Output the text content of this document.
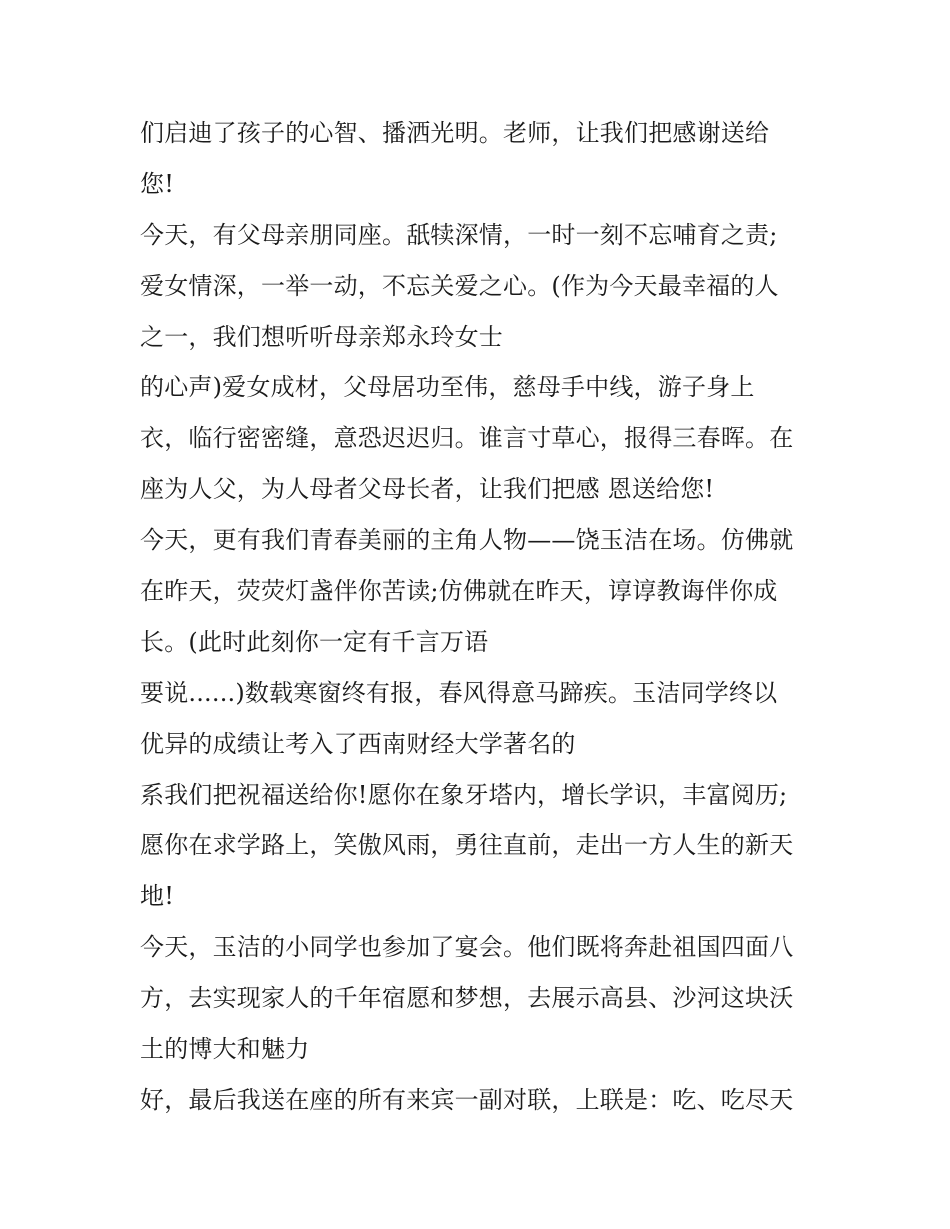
们启迪了孩子的心智、播洒光明。老师，让我们把感谢送给
您!
今天，有父母亲朋同座。舐犊深情，一时一刻不忘哺育之责;
爱女情深，一举一动，不忘关爱之心。(作为今天最幸福的人
之一，我们想听听母亲郑永玲女士
的心声)爱女成材，父母居功至伟，慈母手中线，游子身上
衣，临行密密缝，意恐迟迟归。谁言寸草心，报得三春晖。在
座为人父，为人母者父母长者，让我们把感 恩送给您!
今天，更有我们青春美丽的主角人物——饶玉洁在场。仿佛就
在昨天，荧荧灯盏伴你苦读;仿佛就在昨天，谆谆教诲伴你成
长。(此时此刻你一定有千言万语
要说......)数载寒窗终有报，春风得意马蹄疾。玉洁同学终以
优异的成绩让考入了西南财经大学著名的
系我们把祝福送给你!愿你在象牙塔内，增长学识，丰富阅历;
愿你在求学路上，笑傲风雨，勇往直前，走出一方人生的新天
地!
今天，玉洁的小同学也参加了宴会。他们既将奔赴祖国四面八
方，去实现家人的千年宿愿和梦想，去展示高县、沙河这块沃
土的博大和魅力
好，最后我送在座的所有来宾一副对联，上联是：吃、吃尽天
